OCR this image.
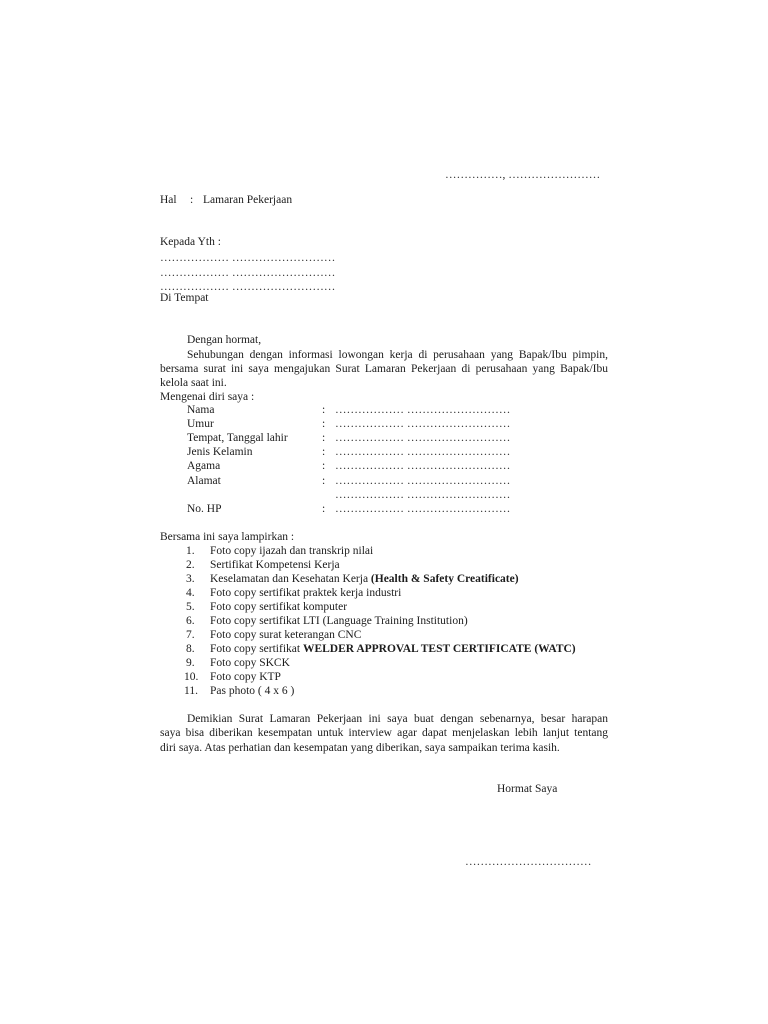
……………, ……………………
Hal : Lamaran Pekerjaan
Kepada Yth :
……………… ………………………
……………… ………………………
……………… ………………………
Di Tempat
Dengan hormat,
Sehubungan dengan informasi lowongan kerja di perusahaan yang Bapak/Ibu pimpin,
bersama surat ini saya mengajukan Surat Lamaran Pekerjaan di perusahaan yang Bapak/Ibu
kelola saat ini.
Mengenai diri saya :
Nama	: ……………… ………………………
Umur	: ……………… ………………………
Tempat, Tanggal lahir	: ……………… ………………………
Jenis Kelamin	: ……………… ………………………
Agama	: ……………… ………………………
Alamat	: ……………… ………………………
……………… ………………………
No. HP	: ……………… ………………………
Bersama ini saya lampirkan :
1. Foto copy ijazah dan transkrip nilai
2. Sertifikat Kompetensi Kerja
3. Keselamatan dan Kesehatan Kerja (Health & Safety Creatificate)
4. Foto copy sertifikat praktek kerja industri
5. Foto copy sertifikat komputer
6. Foto copy sertifikat LTI (Language Training Institution)
7. Foto copy surat keterangan CNC
8. Foto copy sertifikat WELDER APPROVAL TEST CERTIFICATE (WATC)
9. Foto copy SKCK
10. Foto copy KTP
11. Pas photo ( 4 x 6 )
Demikian Surat Lamaran Pekerjaan ini saya buat dengan sebenarnya, besar harapan
saya bisa diberikan kesempatan untuk interview agar dapat menjelaskan lebih lanjut tentang
diri saya. Atas perhatian dan kesempatan yang diberikan, saya sampaikan terima kasih.
Hormat Saya
……………………………
